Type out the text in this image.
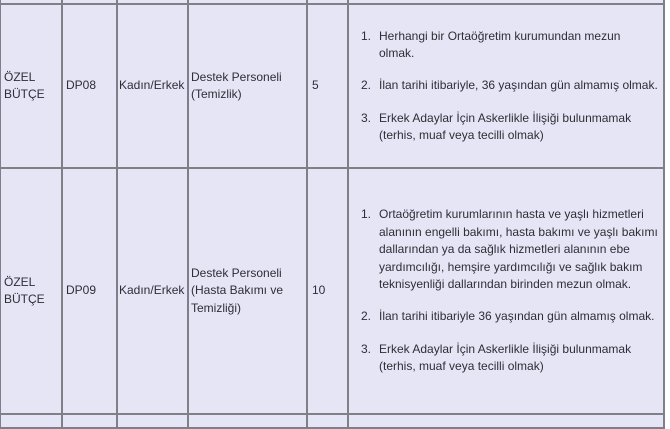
ÖZEL BÜTÇE	DP08	Kadın/Erkek	Destek Personeli (Temizlik)	5	
1. Herhangi bir Ortaöğretim kurumundan mezun olmak.
2. İlan tarihi itibariyle, 36 yaşından gün almamış olmak.
3. Erkek Adaylar İçin Askerlikle İlişiği bulunmamak (terhis, muaf veya tecilli olmak)

ÖZEL BÜTÇE	DP09	Kadın/Erkek	Destek Personeli (Hasta Bakımı ve Temizliği)	10	
1. Ortaöğretim kurumlarının hasta ve yaşlı hizmetleri alanının engelli bakımı, hasta bakımı ve yaşlı bakımı dallarından ya da sağlık hizmetleri alanının ebe yardımcılığı, hemşire yardımcılığı ve sağlık bakım teknisyenliği dallarından birinden mezun olmak.
2. İlan tarihi itibariyle 36 yaşından gün almamış olmak.
3. Erkek Adaylar İçin Askerlikle İlişiği bulunmamak (terhis, muaf veya tecilli olmak)
